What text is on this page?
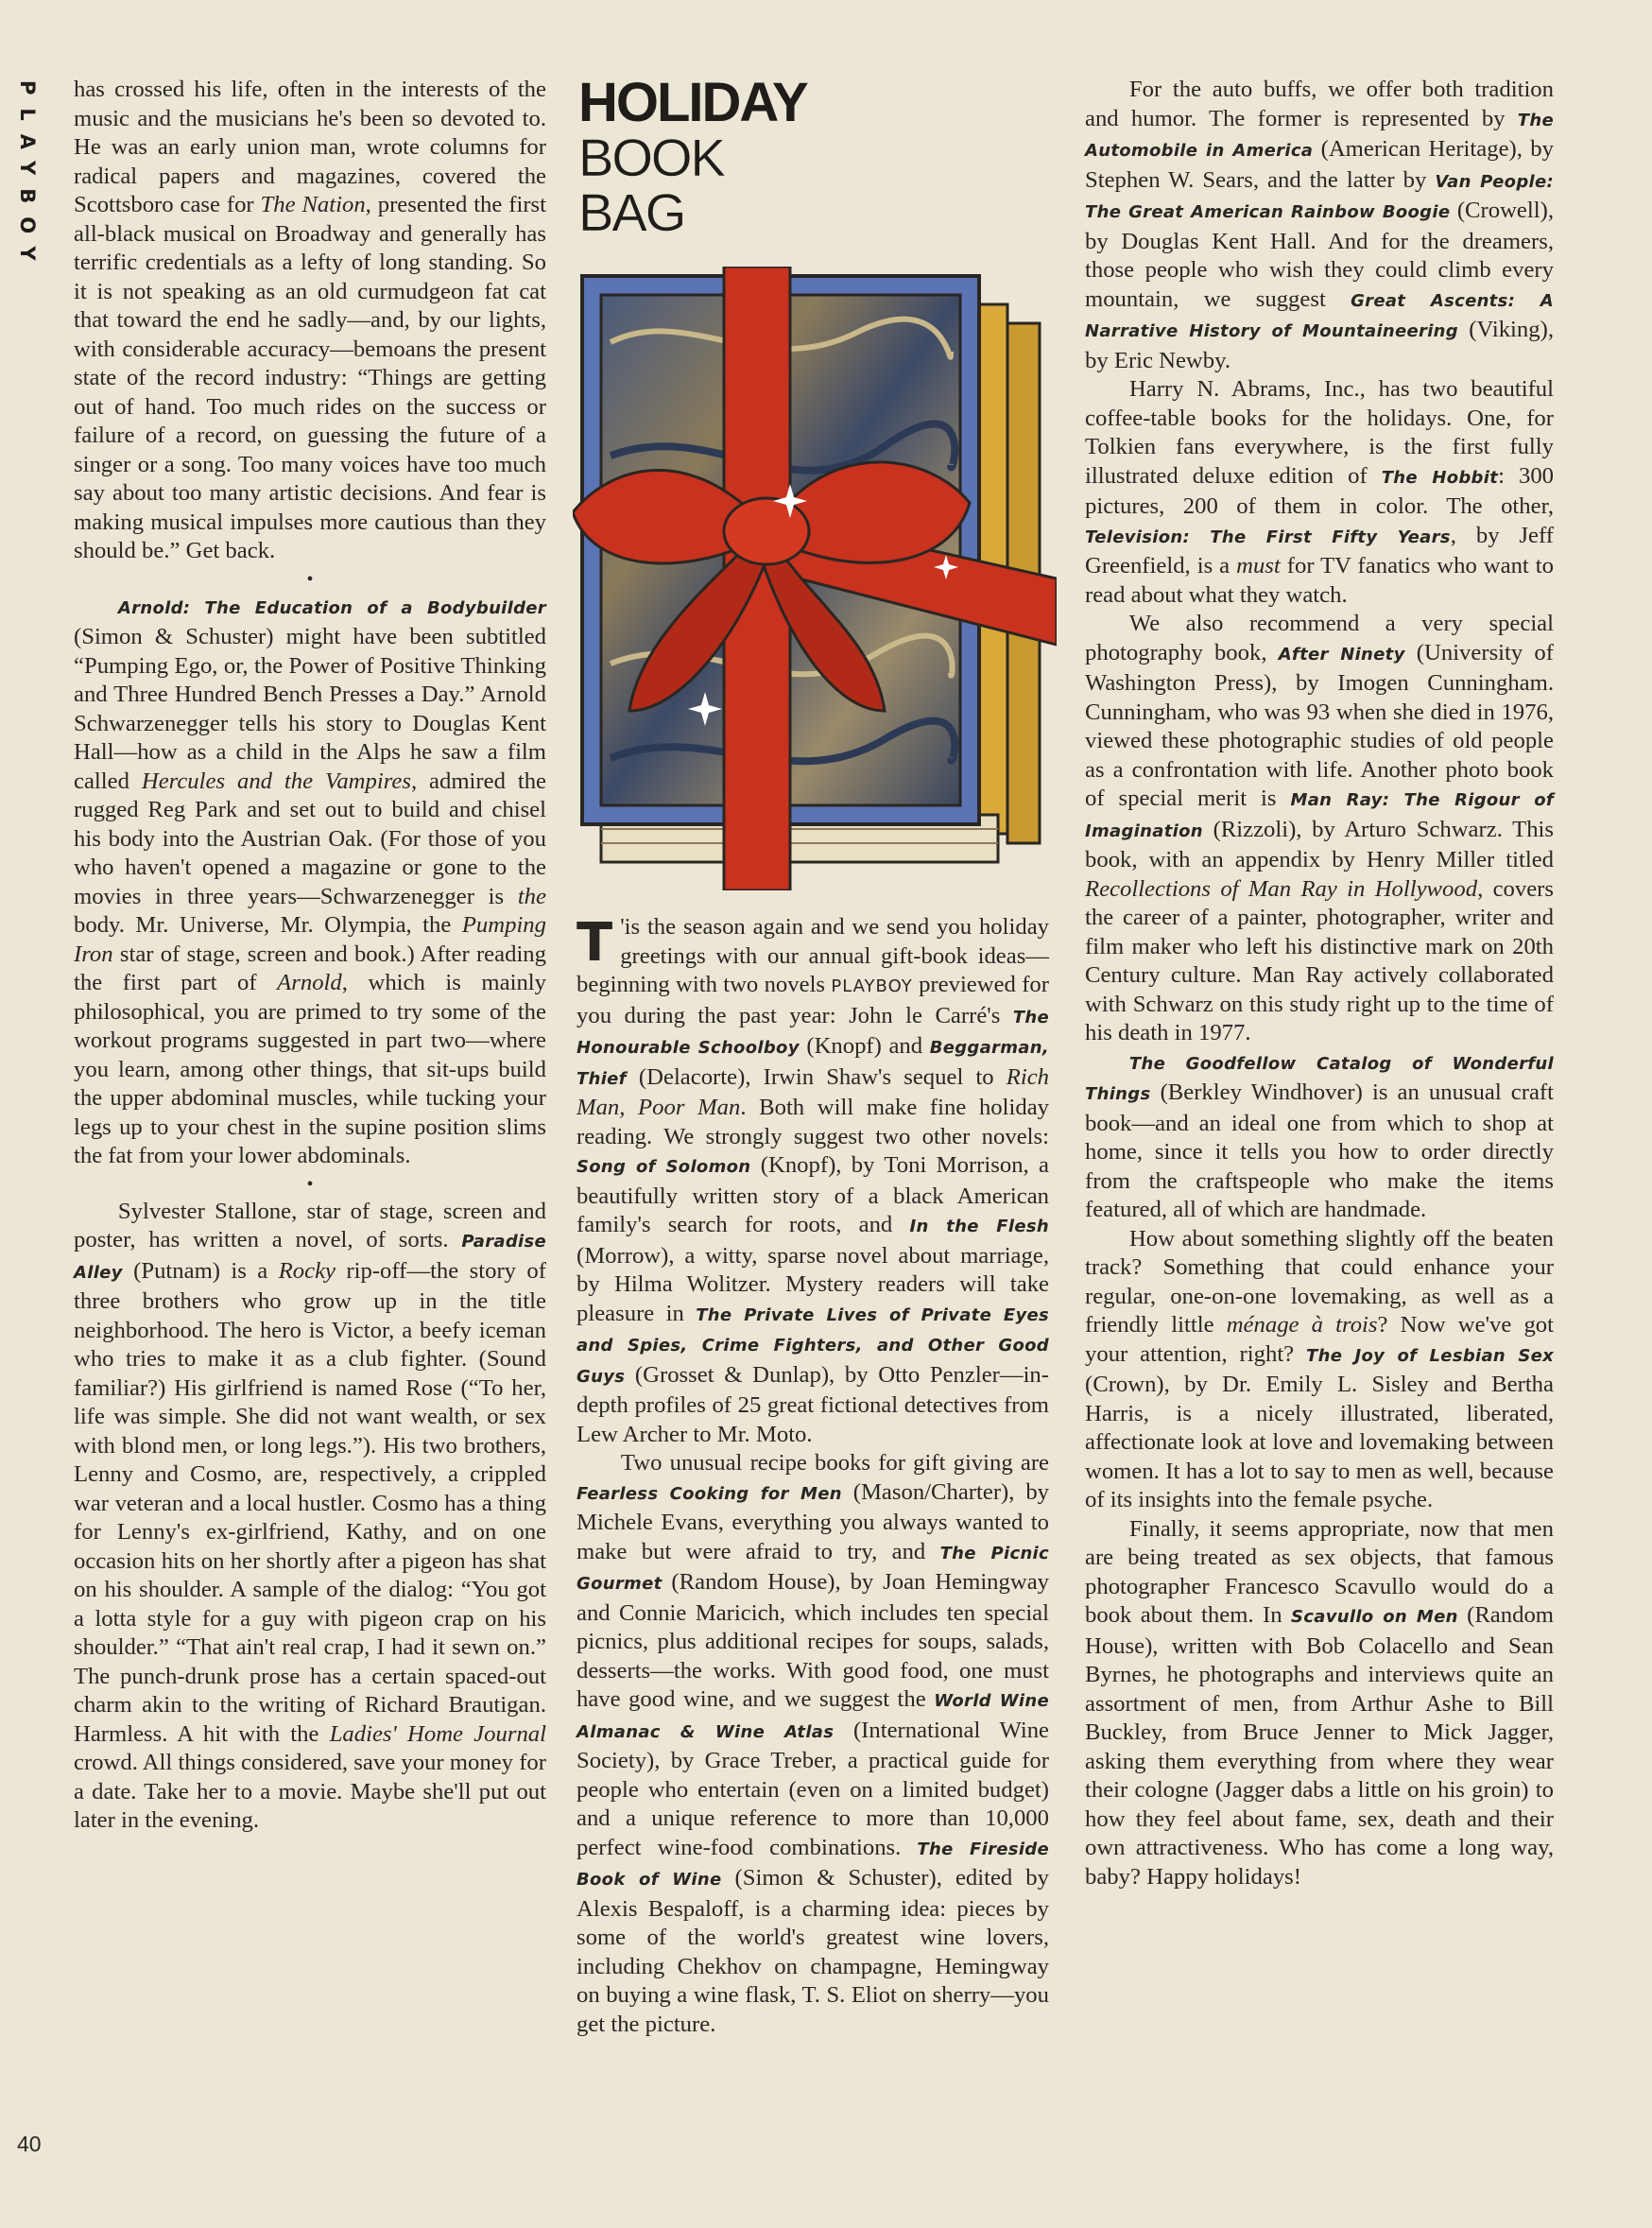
PLAYBOY	HOLIDAY
BOOK
BAG

has crossed his life, often in the interests of the music and the musicians he's been so devoted to. He was an early union man, wrote columns for radical papers and magazines, covered the Scottsboro case for The Nation, presented the first all-black musical on Broadway and generally has terrific credentials as a lefty of long standing. So it is not speaking as an old curmudgeon fat cat that toward the end he sadly—and, by our lights, with considerable accuracy—bemoans the present state of the record industry: “Things are getting out of hand. Too much rides on the success or failure of a record, on guessing the future of a singer or a song. Too many voices have too much say about too many artistic decisions. And fear is making musical impulses more cautious than they should be.” Get back.

•

Arnold: The Education of a Bodybuilder (Simon & Schuster) might have been subtitled “Pumping Ego, or, the Power of Positive Thinking and Three Hundred Bench Presses a Day.” Arnold Schwarzenegger tells his story to Douglas Kent Hall—how as a child in the Alps he saw a film called Hercules and the Vampires, admired the rugged Reg Park and set out to build and chisel his body into the Austrian Oak. (For those of you who haven't opened a magazine or gone to the movies in three years—Schwarzenegger is the body. Mr. Universe, Mr. Olympia, the Pumping Iron star of stage, screen and book.) After reading the first part of Arnold, which is mainly philosophical, you are primed to try some of the workout programs suggested in part two—where you learn, among other things, that sit-ups build the upper abdominal muscles, while tucking your legs up to your chest in the supine position slims the fat from your lower abdominals.

•

Sylvester Stallone, star of stage, screen and poster, has written a novel, of sorts. Paradise Alley (Putnam) is a Rocky rip-off—the story of three brothers who grow up in the title neighborhood. The hero is Victor, a beefy iceman who tries to make it as a club fighter. (Sound familiar?) His girlfriend is named Rose (“To her, life was simple. She did not want wealth, or sex with blond men, or long legs.”). His two brothers, Lenny and Cosmo, are, respectively, a crippled war veteran and a local hustler. Cosmo has a thing for Lenny's ex-girlfriend, Kathy, and on one occasion hits on her shortly after a pigeon has shat on his shoulder. A sample of the dialog: “You got a lotta style for a guy with pigeon crap on his shoulder.” “That ain't real crap, I had it sewn on.” The punch-drunk prose has a certain spaced-out charm akin to the writing of Richard Brautigan. Harmless. A hit with the Ladies' Home Journal crowd. All things considered, save your money for a date. Take her to a movie. Maybe she'll put out later in the evening.

T 'is the season again and we send you holiday greetings with our annual gift-book ideas—beginning with two novels PLAYBOY previewed for you during the past year: John le Carré's The Honourable Schoolboy (Knopf) and Beggarman, Thief (Delacorte), Irwin Shaw's sequel to Rich Man, Poor Man. Both will make fine holiday reading. We strongly suggest two other novels: Song of Solomon (Knopf), by Toni Morrison, a beautifully written story of a black American family's search for roots, and In the Flesh (Morrow), a witty, sparse novel about marriage, by Hilma Wolitzer. Mystery readers will take pleasure in The Private Lives of Private Eyes and Spies, Crime Fighters, and Other Good Guys (Grosset & Dunlap), by Otto Penzler—in-depth profiles of 25 great fictional detectives from Lew Archer to Mr. Moto.

Two unusual recipe books for gift giving are Fearless Cooking for Men (Mason/Charter), by Michele Evans, everything you always wanted to make but were afraid to try, and The Picnic Gourmet (Random House), by Joan Hemingway and Connie Maricich, which includes ten special picnics, plus additional recipes for soups, salads, desserts—the works. With good food, one must have good wine, and we suggest the World Wine Almanac & Wine Atlas (International Wine Society), by Grace Treber, a practical guide for people who entertain (even on a limited budget) and a unique reference to more than 10,000 perfect wine-food combinations. The Fireside Book of Wine (Simon & Schuster), edited by Alexis Bespaloff, is a charming idea: pieces by some of the world's greatest wine lovers, including Chekhov on champagne, Hemingway on buying a wine flask, T. S. Eliot on sherry—you get the picture.

For the auto buffs, we offer both tradition and humor. The former is represented by The Automobile in America (American Heritage), by Stephen W. Sears, and the latter by Van People: The Great American Rainbow Boogie (Crowell), by Douglas Kent Hall. And for the dreamers, those people who wish they could climb every mountain, we suggest Great Ascents: A Narrative History of Mountaineering (Viking), by Eric Newby.

Harry N. Abrams, Inc., has two beautiful coffee-table books for the holidays. One, for Tolkien fans everywhere, is the first fully illustrated deluxe edition of The Hobbit: 300 pictures, 200 of them in color. The other, Television: The First Fifty Years, by Jeff Greenfield, is a must for TV fanatics who want to read about what they watch.

We also recommend a very special photography book, After Ninety (University of Washington Press), by Imogen Cunningham. Cunningham, who was 93 when she died in 1976, viewed these photographic studies of old people as a confrontation with life. Another photo book of special merit is Man Ray: The Rigour of Imagination (Rizzoli), by Arturo Schwarz. This book, with an appendix by Henry Miller titled Recollections of Man Ray in Hollywood, covers the career of a painter, photographer, writer and film maker who left his distinctive mark on 20th Century culture. Man Ray actively collaborated with Schwarz on this study right up to the time of his death in 1977.

The Goodfellow Catalog of Wonderful Things (Berkley Windhover) is an unusual craft book—and an ideal one from which to shop at home, since it tells you how to order directly from the craftspeople who make the items featured, all of which are handmade.

How about something slightly off the beaten track? Something that could enhance your regular, one-on-one lovemaking, as well as a friendly little ménage à trois? Now we've got your attention, right? The Joy of Lesbian Sex (Crown), by Dr. Emily L. Sisley and Bertha Harris, is a nicely illustrated, liberated, affectionate look at love and lovemaking between women. It has a lot to say to men as well, because of its insights into the female psyche.

Finally, it seems appropriate, now that men are being treated as sex objects, that famous photographer Francesco Scavullo would do a book about them. In Scavullo on Men (Random House), written with Bob Colacello and Sean Byrnes, he photographs and interviews quite an assortment of men, from Arthur Ashe to Bill Buckley, from Bruce Jenner to Mick Jagger, asking them everything from where they wear their cologne (Jagger dabs a little on his groin) to how they feel about fame, sex, death and their own attractiveness. Who has come a long way, baby? Happy holidays!

40
